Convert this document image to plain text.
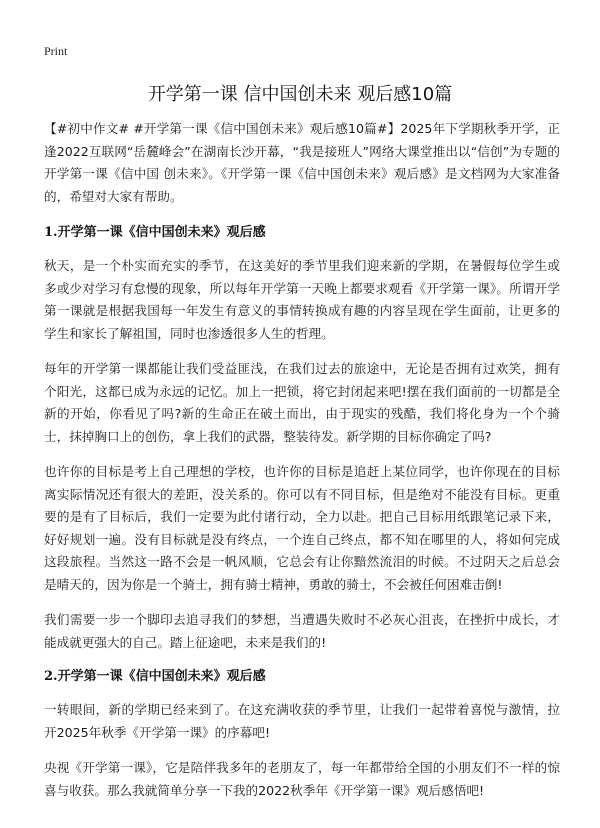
Print
开学第一课 信中国创未来 观后感10篇

【#初中作文# #开学第一课《信中国创未来》观后感10篇#】2025年下学期秋季开学，正逢2022互联网“岳麓峰会”在湖南长沙开幕，“我是接班人”网络大课堂推出以“信创”为专题的开学第一课《信中国 创未来》。《开学第一课《信中国创未来》观后感》是文档网为大家准备的，希望对大家有帮助。

1.开学第一课《信中国创未来》观后感

秋天，是一个朴实而充实的季节，在这美好的季节里我们迎来新的学期，在暑假每位学生或多或少对学习有怠慢的现象，所以每年开学第一天晚上都要求观看《开学第一课》。所谓开学第一课就是根据我国每一年发生有意义的事情转换成有趣的内容呈现在学生面前，让更多的学生和家长了解祖国，同时也渗透很多人生的哲理。

每年的开学第一课都能让我们受益匪浅，在我们过去的旅途中，无论是否拥有过欢笑，拥有个阳光，这都已成为永远的记忆。加上一把锁，将它封闭起来吧!摆在我们面前的一切都是全新的开始，你看见了吗?新的生命正在破土而出，由于现实的残酷，我们将化身为一个个骑士，抹掉胸口上的创伤，拿上我们的武器，整装待发。新学期的目标你确定了吗?

也许你的目标是考上自己理想的学校，也许你的目标是追赶上某位同学，也许你现在的目标离实际情况还有很大的差距，没关系的。你可以有不同目标，但是绝对不能没有目标。更重要的是有了目标后，我们一定要为此付诸行动，全力以赴。把自己目标用纸跟笔记录下来，好好规划一遍。没有目标就是没有终点，一个连自己终点，都不知在哪里的人，将如何完成这段旅程。当然这一路不会是一帆风顺，它总会有让你黯然流泪的时候。不过阴天之后总会是晴天的，因为你是一个骑士，拥有骑士精神，勇敢的骑士，不会被任何困难击倒!

我们需要一步一个脚印去追寻我们的梦想，当遭遇失败时不必灰心沮丧，在挫折中成长，才能成就更强大的自己。踏上征途吧，未来是我们的!

2.开学第一课《信中国创未来》观后感

一转眼间，新的学期已经来到了。在这充满收获的季节里，让我们一起带着喜悦与激情，拉开2025年秋季《开学第一课》的序幕吧!

央视《开学第一课》，它是陪伴我多年的老朋友了，每一年都带给全国的小朋友们不一样的惊喜与收获。那么我就简单分享一下我的2022秋季年《开学第一课》观后感悟吧!
